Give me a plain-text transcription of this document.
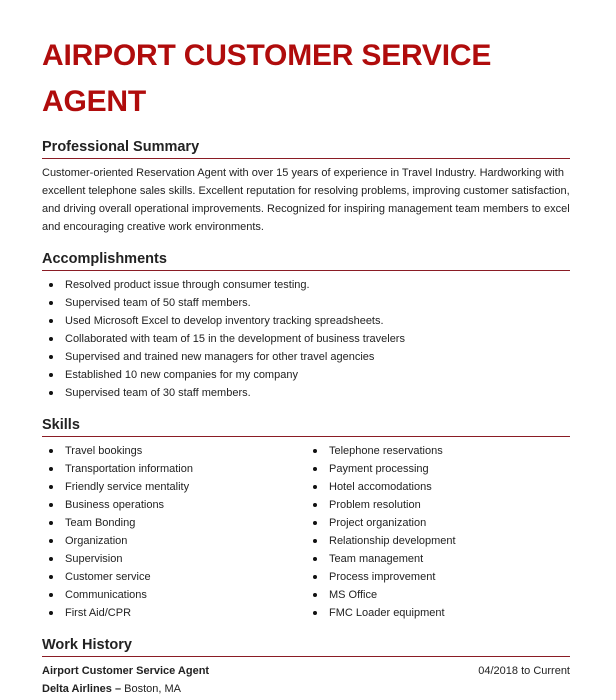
AIRPORT CUSTOMER SERVICE
AGENT
Professional Summary

Customer-oriented Reservation Agent with over 15 years of experience in Travel Industry. Hardworking with excellent telephone sales skills. Excellent reputation for resolving problems, improving customer satisfaction, and driving overall operational improvements. Recognized for inspiring management team members to excel and encouraging creative work environments.

Accomplishments
Resolved product issue through consumer testing.
Supervised team of 50 staff members.
Used Microsoft Excel to develop inventory tracking spreadsheets.
Collaborated with team of 15 in the development of business travelers
Supervised and trained new managers for other travel agencies
Established 10 new companies for my company
Supervised team of 30 staff members.
Skills
Travel bookings
Transportation information
Friendly service mentality
Business operations
Team Bonding
Organization
Supervision
Customer service
Communications
First Aid/CPR
Telephone reservations
Payment processing
Hotel accomodations
Problem resolution
Project organization
Relationship development
Team management
Process improvement
MS Office
FMC Loader equipment
Work History
Airport Customer Service Agent	04/2018 to Current
Delta Airlines – Boston, MA
